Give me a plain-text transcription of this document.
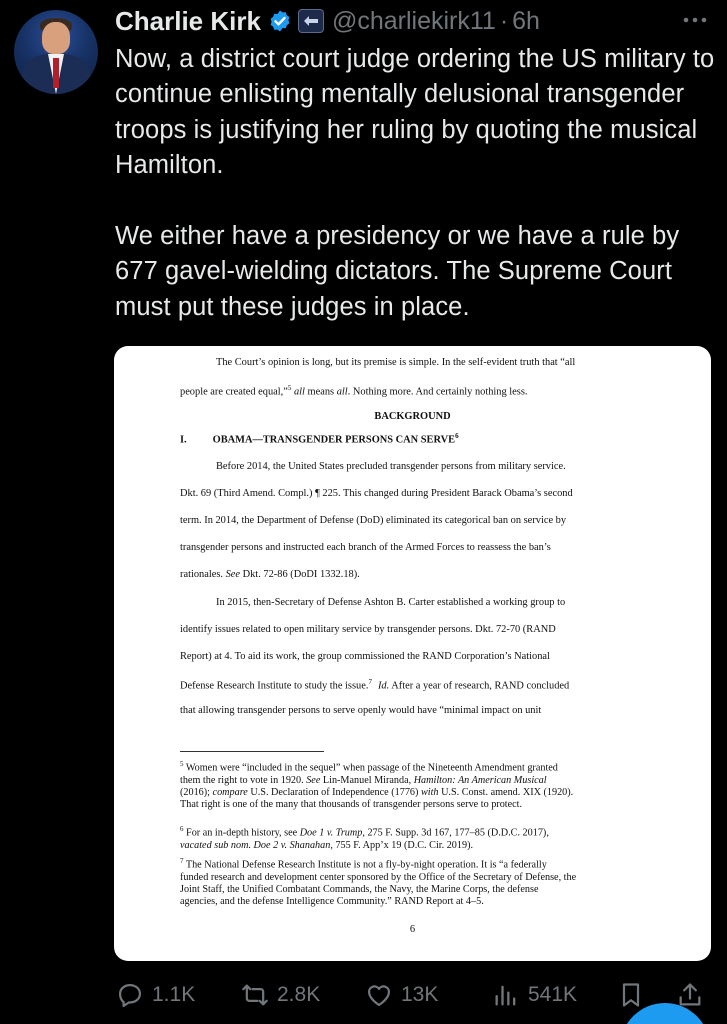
Charlie Kirk	@charliekirk11 · 6h
Now, a district court judge ordering the US military to continue enlisting mentally delusional transgender troops is justifying her ruling by quoting the musical Hamilton.

We either have a presidency or we have a rule by 677 gavel-wielding dictators. The Supreme Court must put these judges in place.
The Court’s opinion is long, but its premise is simple. In the self-evident truth that “all
people are created equal,”$^5$ all means all. Nothing more. And certainly nothing less.
BACKGROUND
I.	OBAMA—TRANSGENDER PERSONS CAN SERVE$^6$
Before 2014, the United States precluded transgender persons from military service.
Dkt. 69 (Third Amend. Compl.) ¶ 225. This changed during President Barack Obama’s second
term. In 2014, the Department of Defense (DoD) eliminated its categorical ban on service by
transgender persons and instructed each branch of the Armed Forces to reassess the ban’s
rationales. See Dkt. 72-86 (DoDI 1332.18).
In 2015, then-Secretary of Defense Ashton B. Carter established a working group to
identify issues related to open military service by transgender persons. Dkt. 72-70 (RAND
Report) at 4. To aid its work, the group commissioned the RAND Corporation’s National
Defense Research Institute to study the issue.$^7$ Id. After a year of research, RAND concluded
that allowing transgender persons to serve openly would have “minimal impact on unit
$^5$ Women were “included in the sequel” when passage of the Nineteenth Amendment granted
them the right to vote in 1920. See Lin-Manuel Miranda, Hamilton: An American Musical
(2016); compare U.S. Declaration of Independence (1776) with U.S. Const. amend. XIX (1920).
That right is one of the many that thousands of transgender persons serve to protect.
$^6$ For an in-depth history, see Doe 1 v. Trump, 275 F. Supp. 3d 167, 177–85 (D.D.C. 2017),
vacated sub nom. Doe 2 v. Shanahan, 755 F. App’x 19 (D.C. Cir. 2019).
$^7$ The National Defense Research Institute is not a fly-by-night operation. It is “a federally
funded research and development center sponsored by the Office of the Secretary of Defense, the
Joint Staff, the Unified Combatant Commands, the Navy, the Marine Corps, the defense
agencies, and the defense Intelligence Community.” RAND Report at 4–5.
6
1.1K	2.8K	13K	541K
